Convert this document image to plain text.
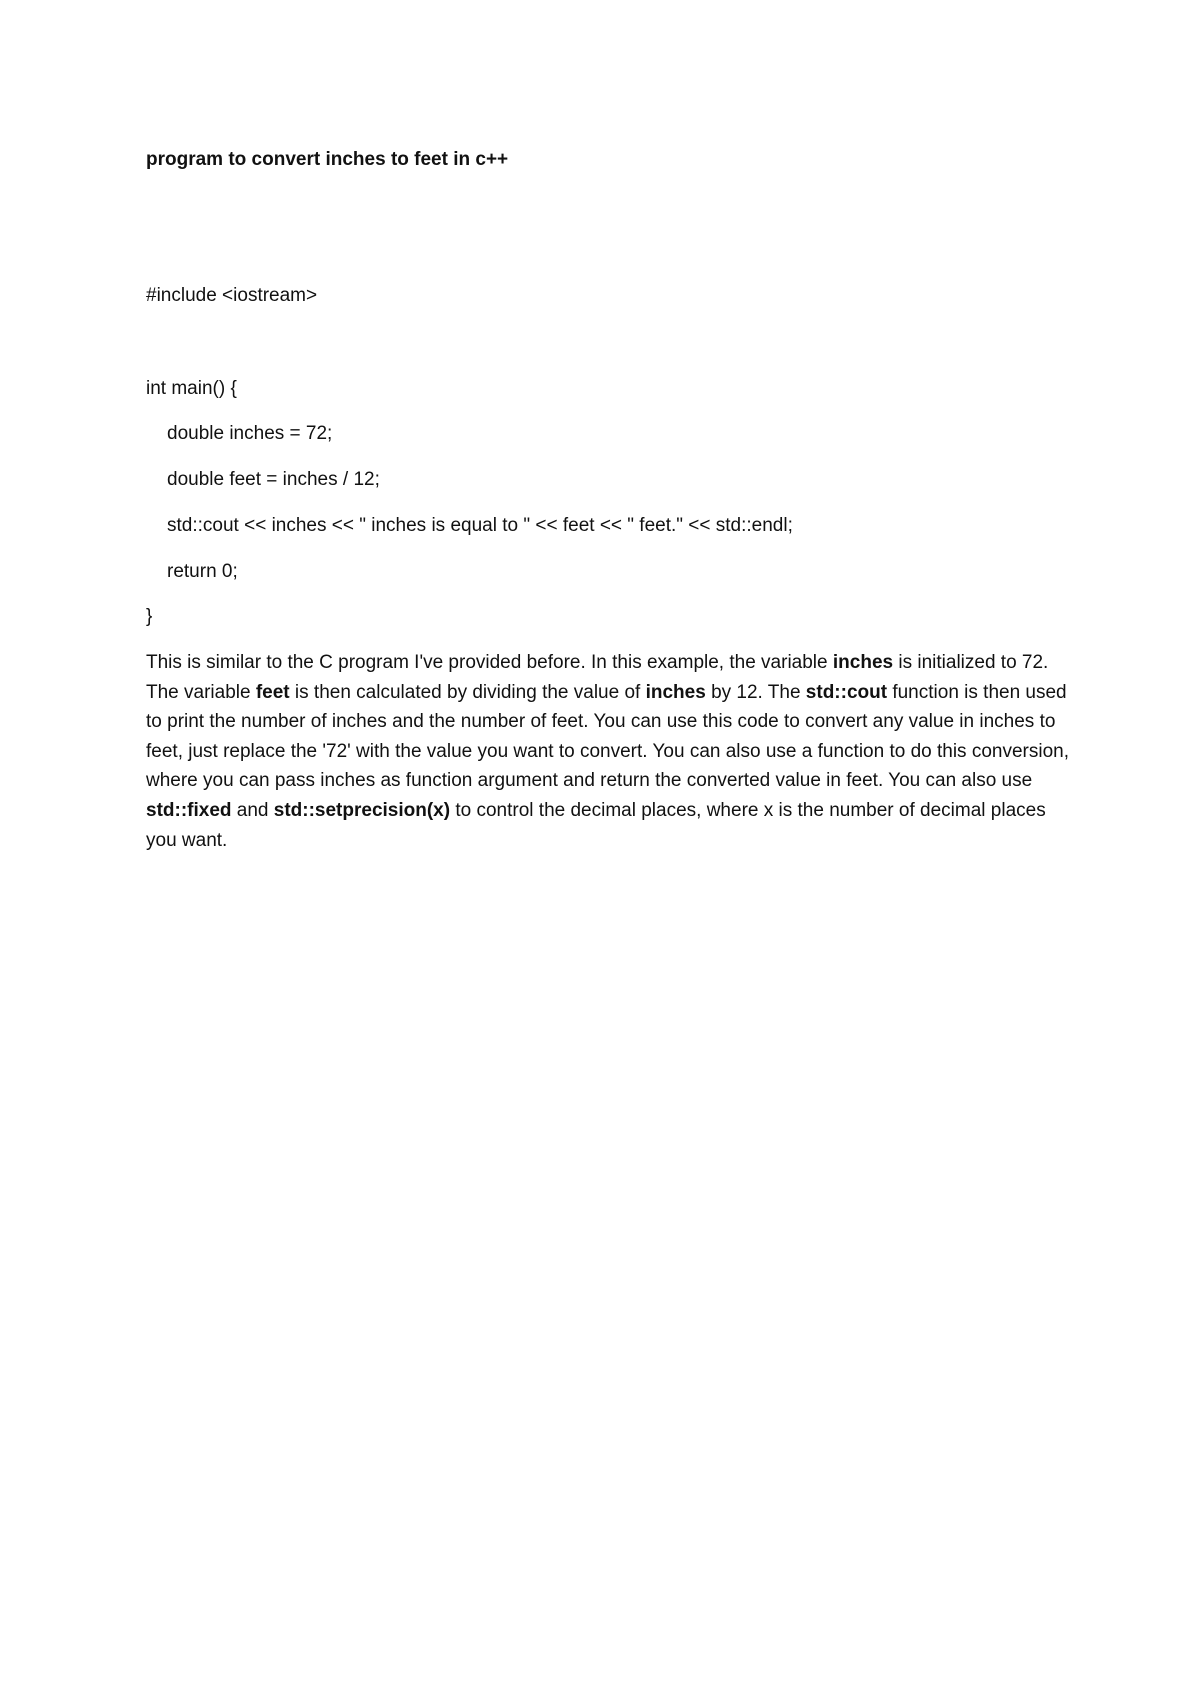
program to convert inches to feet in c++
#include <iostream>
int main() {
double inches = 72;
double feet = inches / 12;
std::cout << inches << " inches is equal to " << feet << " feet." << std::endl;
return 0;
}
This is similar to the C program I've provided before. In this example, the variable inches is initialized to 72. The variable feet is then calculated by dividing the value of inches by 12. The std::cout function is then used to print the number of inches and the number of feet. You can use this code to convert any value in inches to feet, just replace the '72' with the value you want to convert. You can also use a function to do this conversion, where you can pass inches as function argument and return the converted value in feet. You can also use std::fixed and std::setprecision(x) to control the decimal places, where x is the number of decimal places you want.
